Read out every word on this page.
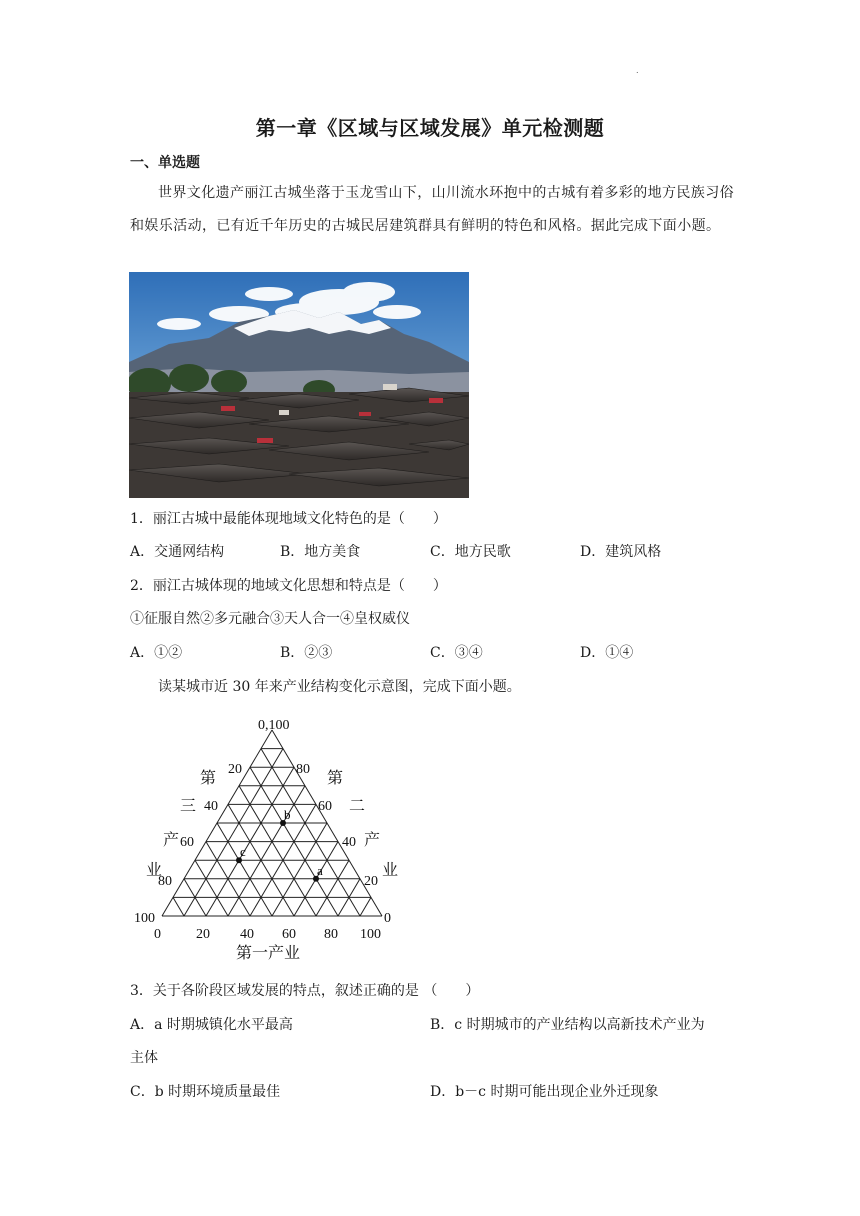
.
第一章《区域与区域发展》单元检测题
一、单选题
世界文化遗产丽江古城坐落于玉龙雪山下，山川流水环抱中的古城有着多彩的地方民族习俗和娱乐活动，已有近千年历史的古城民居建筑群具有鲜明的特色和风格。据此完成下面小题。
1．丽江古城中最能体现地域文化特色的是（　　）
A．交通网结构	B．地方美食	C．地方民歌	D．建筑风格
2．丽江古城体现的地域文化思想和特点是（　　）
①征服自然②多元融合③天人合一④皇权威仪
A．①②	B．②③	C．③④	D．①④
读某城市近 30 年来产业结构变化示意图，完成下面小题。
a
b
c
0,100
第
三
产
业
第
二
产
业
20
40
60
80
100
80
60
40
20
0
0	20 40 60 80 100
第一产业
3．关于各阶段区域发展的特点，叙述正确的是 （　　）
A．a 时期城镇化水平最高	B．c 时期城市的产业结构以高新技术产业为
主体
C．b 时期环境质量最佳	D．b－c 时期可能出现企业外迁现象
